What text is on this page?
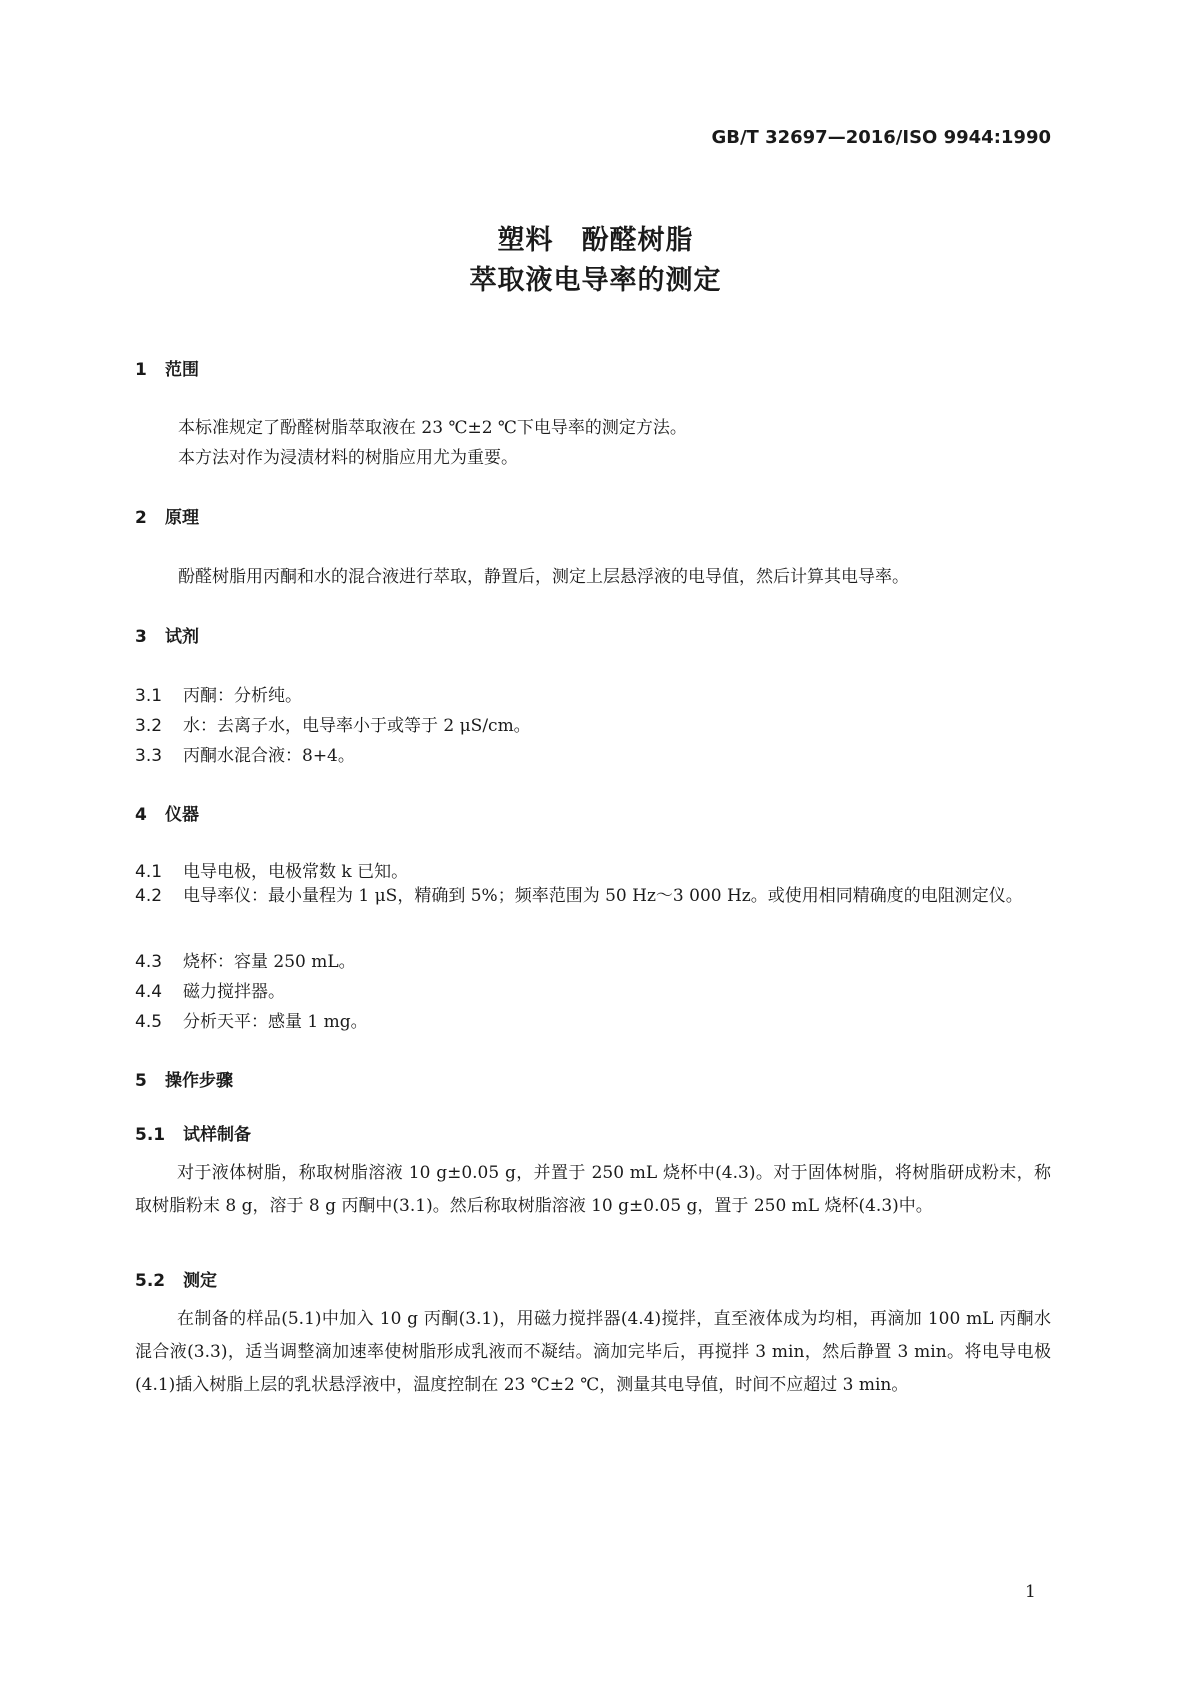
GB/T 32697—2016/ISO 9944:1990
塑料　酚醛树脂
萃取液电导率的测定
1 范围
本标准规定了酚醛树脂萃取液在 23 ℃±2 ℃下电导率的测定方法。
本方法对作为浸渍材料的树脂应用尤为重要。
2 原理
酚醛树脂用丙酮和水的混合液进行萃取，静置后，测定上层悬浮液的电导值，然后计算其电导率。
3 试剂
3.1 丙酮：分析纯。
3.2 水：去离子水，电导率小于或等于 2 μS/cm。
3.3 丙酮水混合液：8+4。
4 仪器
4.1 电导电极，电极常数 k 已知。
4.2 电导率仪：最小量程为 1 μS，精确到 5%；频率范围为 50 Hz～3 000 Hz。或使用相同精确度的电阻测定仪。
4.3 烧杯：容量 250 mL。
4.4 磁力搅拌器。
4.5 分析天平：感量 1 mg。
5 操作步骤
5.1 试样制备
对于液体树脂，称取树脂溶液 10 g±0.05 g，并置于 250 mL 烧杯中(4.3)。对于固体树脂，将树脂研成粉末，称取树脂粉末 8 g，溶于 8 g 丙酮中(3.1)。然后称取树脂溶液 10 g±0.05 g，置于 250 mL 烧杯(4.3)中。
5.2 测定
在制备的样品(5.1)中加入 10 g 丙酮(3.1)，用磁力搅拌器(4.4)搅拌，直至液体成为均相，再滴加 100 mL 丙酮水混合液(3.3)，适当调整滴加速率使树脂形成乳液而不凝结。滴加完毕后，再搅拌 3 min，然后静置 3 min。将电导电极(4.1)插入树脂上层的乳状悬浮液中，温度控制在 23 ℃±2 ℃，测量其电导值，时间不应超过 3 min。
1
